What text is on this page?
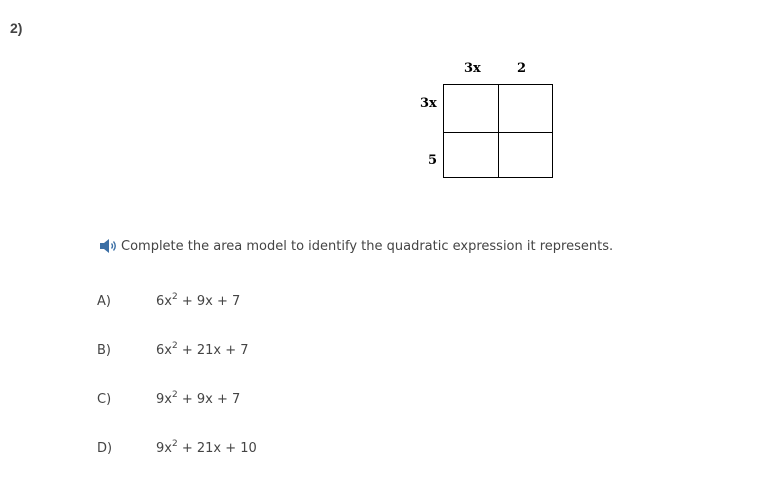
2)
3x	2
3x
5
Complete the area model to identify the quadratic expression it represents.
A)	$6x^2 + 9x + 7$
B)	$6x^2 + 21x + 7$
C)	$9x^2 + 9x + 7$
D)	$9x^2 + 21x + 10$
